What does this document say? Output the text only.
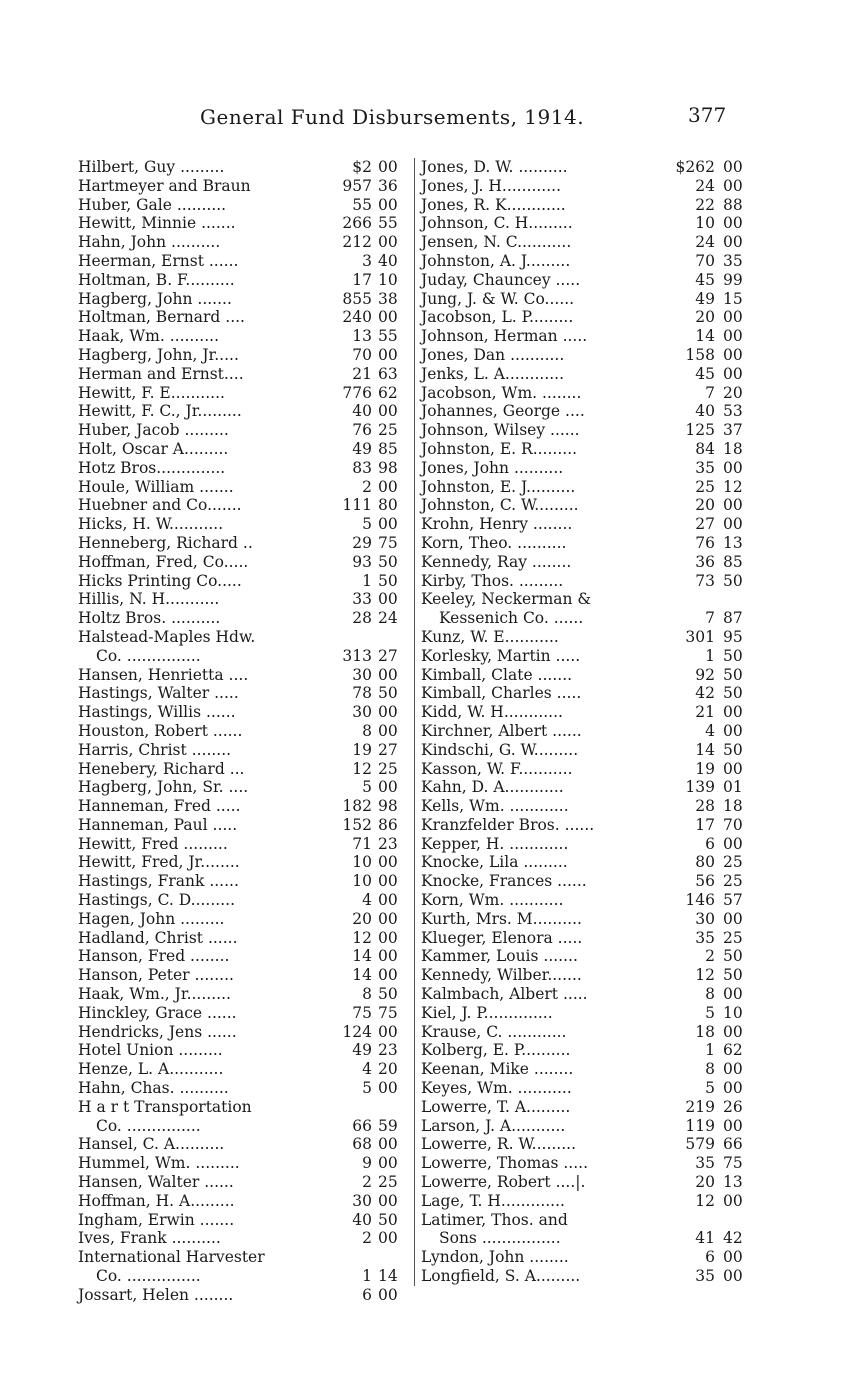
General Fund Disbursements, 1914.	377
Hilbert, Guy .........	$2 00
Hartmeyer and Braun	957 36
Huber, Gale ..........	55 00
Hewitt, Minnie .......	266 55
Hahn, John ..........	212 00
Heerman, Ernst ......	3 40
Holtman, B. F..........	17 10
Hagberg, John .......	855 38
Holtman, Bernard ....	240 00
Haak, Wm. ..........	13 55
Hagberg, John, Jr.....	70 00
Herman and Ernst....	21 63
Hewitt, F. E...........	776 62
Hewitt, F. C., Jr.........	40 00
Huber, Jacob .........	76 25
Holt, Oscar A.........	49 85
Hotz Bros..............	83 98
Houle, William .......	2 00
Huebner and Co.......	111 80
Hicks, H. W...........	5 00
Henneberg, Richard ..	29 75
Hoffman, Fred, Co.....	93 50
Hicks Printing Co.....	1 50
Hillis, N. H...........	33 00
Holtz Bros. ..........	28 24
Halstead-Maples Hdw.
Co. ...............	313 27
Hansen, Henrietta ....	30 00
Hastings, Walter .....	78 50
Hastings, Willis ......	30 00
Houston, Robert ......	8 00
Harris, Christ ........	19 27
Henebery, Richard ...	12 25
Hagberg, John, Sr. ....	5 00
Hanneman, Fred .....	182 98
Hanneman, Paul .....	152 86
Hewitt, Fred .........	71 23
Hewitt, Fred, Jr........	10 00
Hastings, Frank ......	10 00
Hastings, C. D.........	4 00
Hagen, John .........	20 00
Hadland, Christ ......	12 00
Hanson, Fred ........	14 00
Hanson, Peter ........	14 00
Haak, Wm., Jr.........	8 50
Hinckley, Grace ......	75 75
Hendricks, Jens ......	124 00
Hotel Union .........	49 23
Henze, L. A...........	4 20
Hahn, Chas. ..........	5 00
H a r t Transportation
Co. ...............	66 59
Hansel, C. A..........	68 00
Hummel, Wm. .........	9 00
Hansen, Walter ......	2 25
Hoffman, H. A.........	30 00
Ingham, Erwin .......	40 50
Ives, Frank ..........	2 00
International Harvester
Co. ...............	1 14
Jossart, Helen ........	6 00
Jones, D. W. ..........	$262 00
Jones, J. H............	24 00
Jones, R. K............	22 88
Johnson, C. H.........	10 00
Jensen, N. C...........	24 00
Johnston, A. J.........	70 35
Juday, Chauncey .....	45 99
Jung, J. & W. Co......	49 15
Jacobson, L. P.........	20 00
Johnson, Herman .....	14 00
Jones, Dan ...........	158 00
Jenks, L. A............	45 00
Jacobson, Wm. ........	7 20
Johannes, George ....	40 53
Johnson, Wilsey ......	125 37
Johnston, E. R.........	84 18
Jones, John ..........	35 00
Johnston, E. J..........	25 12
Johnston, C. W.........	20 00
Krohn, Henry ........	27 00
Korn, Theo. ..........	76 13
Kennedy, Ray ........	36 85
Kirby, Thos. .........	73 50
Keeley, Neckerman &
Kessenich Co. ......	7 87
Kunz, W. E...........	301 95
Korlesky, Martin .....	1 50
Kimball, Clate .......	92 50
Kimball, Charles .....	42 50
Kidd, W. H............	21 00
Kirchner, Albert ......	4 00
Kindschi, G. W.........	14 50
Kasson, W. F...........	19 00
Kahn, D. A............	139 01
Kells, Wm. ............	28 18
Kranzfelder Bros. ......	17 70
Kepper, H. ............	6 00
Knocke, Lila .........	80 25
Knocke, Frances ......	56 25
Korn, Wm. ...........	146 57
Kurth, Mrs. M..........	30 00
Klueger, Elenora .....	35 25
Kammer, Louis .......	2 50
Kennedy, Wilber.......	12 50
Kalmbach, Albert .....	8 00
Kiel, J. P..............	5 10
Krause, C. ............	18 00
Kolberg, E. P..........	1 62
Keenan, Mike ........	8 00
Keyes, Wm. ...........	5 00
Lowerre, T. A.........	219 26
Larson, J. A...........	119 00
Lowerre, R. W.........	579 66
Lowerre, Thomas .....	35 75
Lowerre, Robert ....|.	20 13
Lage, T. H.............	12 00
Latimer, Thos. and
Sons ................	41 42
Lyndon, John ........	6 00
Longfield, S. A.........	35 00
